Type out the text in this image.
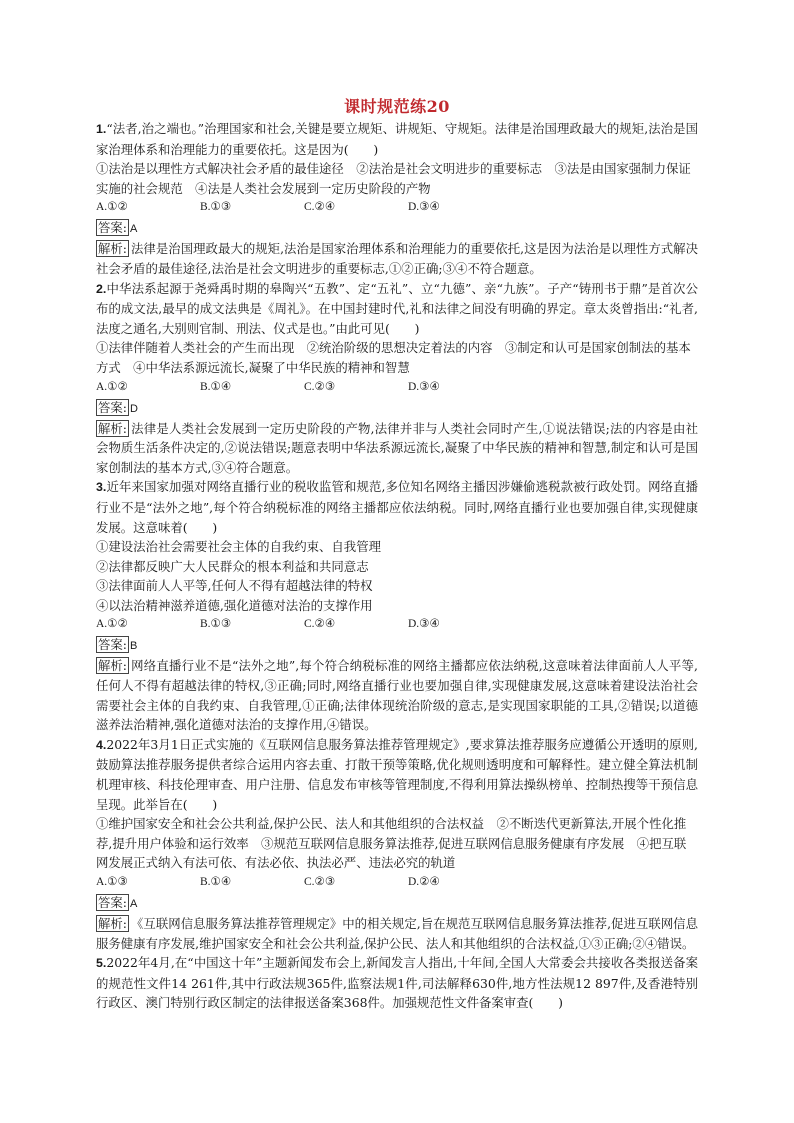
课时规范练20
1.“法者,治之端也。”治理国家和社会,关键是要立规矩、讲规矩、守规矩。法律是治国理政最大的规矩,法治是国家治理体系和治理能力的重要依托。这是因为(　　)
①法治是以理性方式解决社会矛盾的最佳途径　②法治是社会文明进步的重要标志　③法是由国家强制力保证实施的社会规范　④法是人类社会发展到一定历史阶段的产物
A.①②	B.①③	C.②④	D.③④
答案: A
解析: 法律是治国理政最大的规矩,法治是国家治理体系和治理能力的重要依托,这是因为法治是以理性方式解决社会矛盾的最佳途径,法治是社会文明进步的重要标志,①②正确;③④不符合题意。
2.中华法系起源于尧舜禹时期的皋陶兴“五教”、定“五礼”、立“九德”、亲“九族”。子产“铸刑书于鼎”是首次公布的成文法,最早的成文法典是《周礼》。在中国封建时代,礼和法律之间没有明确的界定。章太炎曾指出:“礼者,法度之通名,大别则官制、刑法、仪式是也。”由此可见(　　)
①法律伴随着人类社会的产生而出现　②统治阶级的思想决定着法的内容　③制定和认可是国家创制法的基本方式　④中华法系源远流长,凝聚了中华民族的精神和智慧
A.①②	B.①④	C.②③	D.③④
答案: D
解析: 法律是人类社会发展到一定历史阶段的产物,法律并非与人类社会同时产生,①说法错误;法的内容是由社会物质生活条件决定的,②说法错误;题意表明中华法系源远流长,凝聚了中华民族的精神和智慧,制定和认可是国家创制法的基本方式,③④符合题意。
3.近年来国家加强对网络直播行业的税收监管和规范,多位知名网络主播因涉嫌偷逃税款被行政处罚。网络直播行业不是“法外之地”,每个符合纳税标准的网络主播都应依法纳税。同时,网络直播行业也要加强自律,实现健康发展。这意味着(　　)
①建设法治社会需要社会主体的自我约束、自我管理
②法律都反映广大人民群众的根本利益和共同意志
③法律面前人人平等,任何人不得有超越法律的特权
④以法治精神滋养道德,强化道德对法治的支撑作用
A.①②	B.①③	C.②④	D.③④
答案: B
解析: 网络直播行业不是“法外之地”,每个符合纳税标准的网络主播都应依法纳税,这意味着法律面前人人平等,任何人不得有超越法律的特权,③正确;同时,网络直播行业也要加强自律,实现健康发展,这意味着建设法治社会需要社会主体的自我约束、自我管理,①正确;法律体现统治阶级的意志,是实现国家职能的工具,②错误;以道德滋养法治精神,强化道德对法治的支撑作用,④错误。
4.2022年3月1日正式实施的《互联网信息服务算法推荐管理规定》,要求算法推荐服务应遵循公开透明的原则,鼓励算法推荐服务提供者综合运用内容去重、打散干预等策略,优化规则透明度和可解释性。建立健全算法机制机理审核、科技伦理审查、用户注册、信息发布审核等管理制度,不得利用算法操纵榜单、控制热搜等干预信息呈现。此举旨在(　　)
①维护国家安全和社会公共利益,保护公民、法人和其他组织的合法权益　②不断迭代更新算法,开展个性化推荐,提升用户体验和运行效率　③规范互联网信息服务算法推荐,促进互联网信息服务健康有序发展　④把互联网发展正式纳入有法可依、有法必依、执法必严、违法必究的轨道
A.①③	B.①④	C.②③	D.②④
答案: A
解析: 《互联网信息服务算法推荐管理规定》中的相关规定,旨在规范互联网信息服务算法推荐,促进互联网信息服务健康有序发展,维护国家安全和社会公共利益,保护公民、法人和其他组织的合法权益,①③正确;②④错误。
5.2022年4月,在“中国这十年”主题新闻发布会上,新闻发言人指出,十年间,全国人大常委会共接收各类报送备案的规范性文件14 261件,其中行政法规365件,监察法规1件,司法解释630件,地方性法规12 897件,及香港特别行政区、澳门特别行政区制定的法律报送备案368件。加强规范性文件备案审查(　　)
